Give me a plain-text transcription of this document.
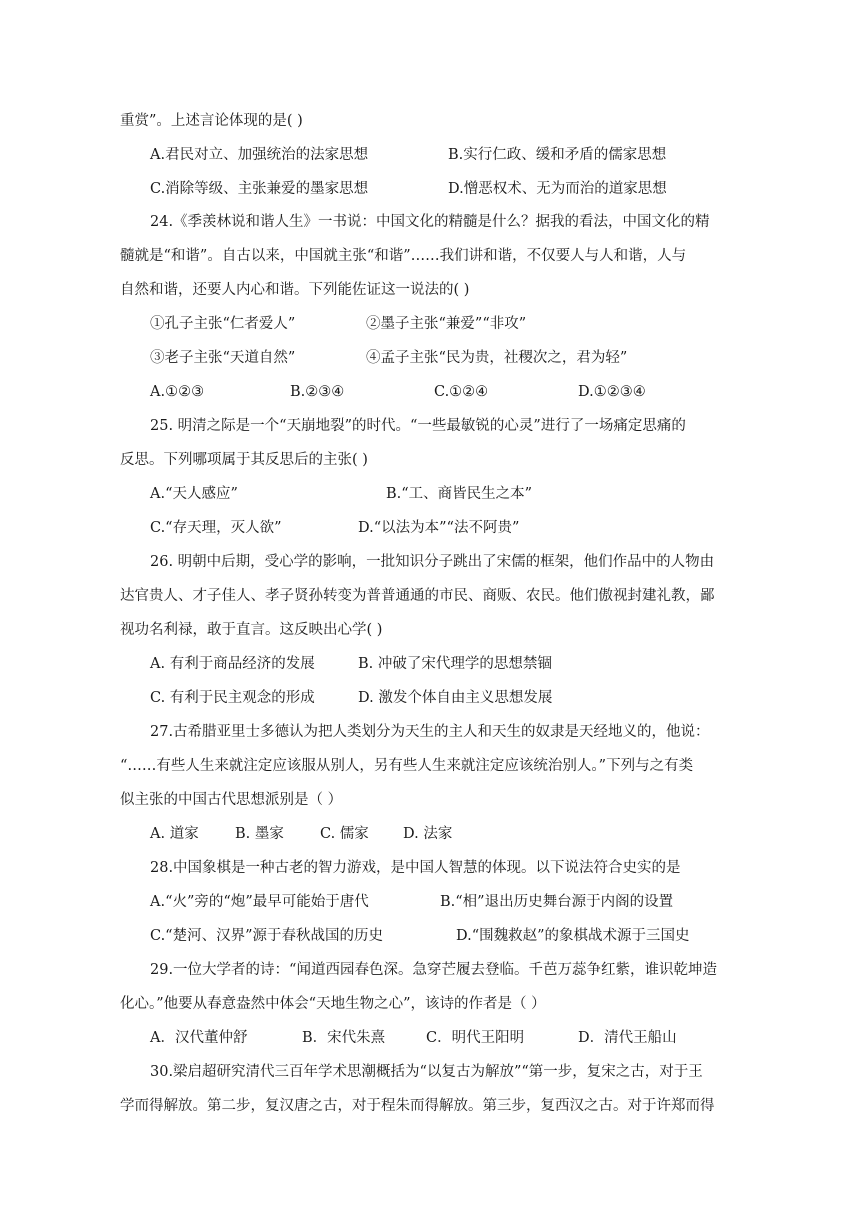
重赏”。上述言论体现的是( )
A.君民对立、加强统治的法家思想	B.实行仁政、缓和矛盾的儒家思想
C.消除等级、主张兼爱的墨家思想	D.憎恶权术、无为而治的道家思想
24.《季羡林说和谐人生》一书说：中国文化的精髓是什么？据我的看法，中国文化的精
髓就是“和谐”。自古以来，中国就主张“和谐”……我们讲和谐，不仅要人与人和谐，人与
自然和谐，还要人内心和谐。下列能佐证这一说法的( )
①孔子主张“仁者爱人”	②墨子主张“兼爱”“非攻”
③老子主张“天道自然”	④孟子主张“民为贵，社稷次之，君为轻”
A.①②③	B.②③④	C.①②④	D.①②③④
25. 明清之际是一个“天崩地裂”的时代。“一些最敏锐的心灵”进行了一场痛定思痛的
反思。下列哪项属于其反思后的主张( )
A.“天人感应”	B.“工、商皆民生之本”
C.“存天理，灭人欲”	D.“以法为本”“法不阿贵”
26. 明朝中后期，受心学的影响，一批知识分子跳出了宋儒的框架，他们作品中的人物由
达官贵人、才子佳人、孝子贤孙转变为普普通通的市民、商贩、农民。他们傲视封建礼教，鄙
视功名利禄，敢于直言。这反映出心学( )
A. 有利于商品经济的发展	B. 冲破了宋代理学的思想禁锢
C. 有利于民主观念的形成	D. 激发个体自由主义思想发展
27.古希腊亚里士多德认为把人类划分为天生的主人和天生的奴隶是天经地义的，他说：
“……有些人生来就注定应该服从别人，另有些人生来就注定应该统治别人。”下列与之有类
似主张的中国古代思想派别是（ ）
A. 道家	B. 墨家 C. 儒家 D. 法家
28.中国象棋是一种古老的智力游戏，是中国人智慧的体现。以下说法符合史实的是
A.“火”旁的“炮”最早可能始于唐代	B.“相”退出历史舞台源于内阁的设置
C.“楚河、汉界”源于春秋战国的历史	D.“围魏救赵”的象棋战术源于三国史
29.一位大学者的诗：“闻道西园春色深。急穿芒履去登临。千芭万蕊争红紫，谁识乾坤造
化心。”他要从春意盎然中体会“天地生物之心”，该诗的作者是（ ）
A．汉代董仲舒	B．宋代朱熹	C．明代王阳明	D．清代王船山
30.梁启超研究清代三百年学术思潮概括为“以复古为解放”“第一步，复宋之古，对于王
学而得解放。第二步，复汉唐之古，对于程朱而得解放。第三步，复西汉之古。对于许郑而得
